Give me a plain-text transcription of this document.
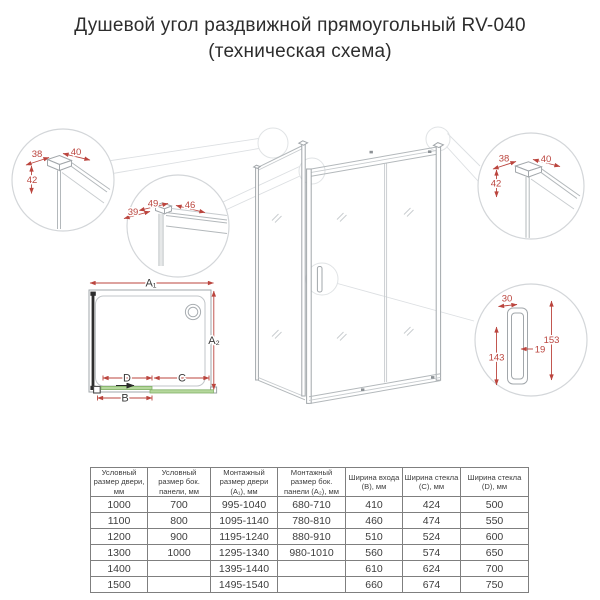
Душевой угол раздвижной прямоугольный RV-040
(техническая схема)
A₁
A₂
D	C
B
38	40
42
49	46
39
38	40
42
30
153
143
19
Условный размер двери, мм	Условный размер бок. панели, мм	Монтажный размер двери (A₁), мм	Монтажный размер бок. панели (A₂), мм	Ширина входа (B), мм	Ширина стекла (C), мм	Ширина стекла (D), мм
1000	700	995-1040	680-710	410	424	500
1100	800	1095-1140	780-810	460	474	550
1200	900	1195-1240	880-910	510	524	600
1300	1000	1295-1340	980-1010	560	574	650
1400		1395-1440		610	624	700
1500		1495-1540		660	674	750
